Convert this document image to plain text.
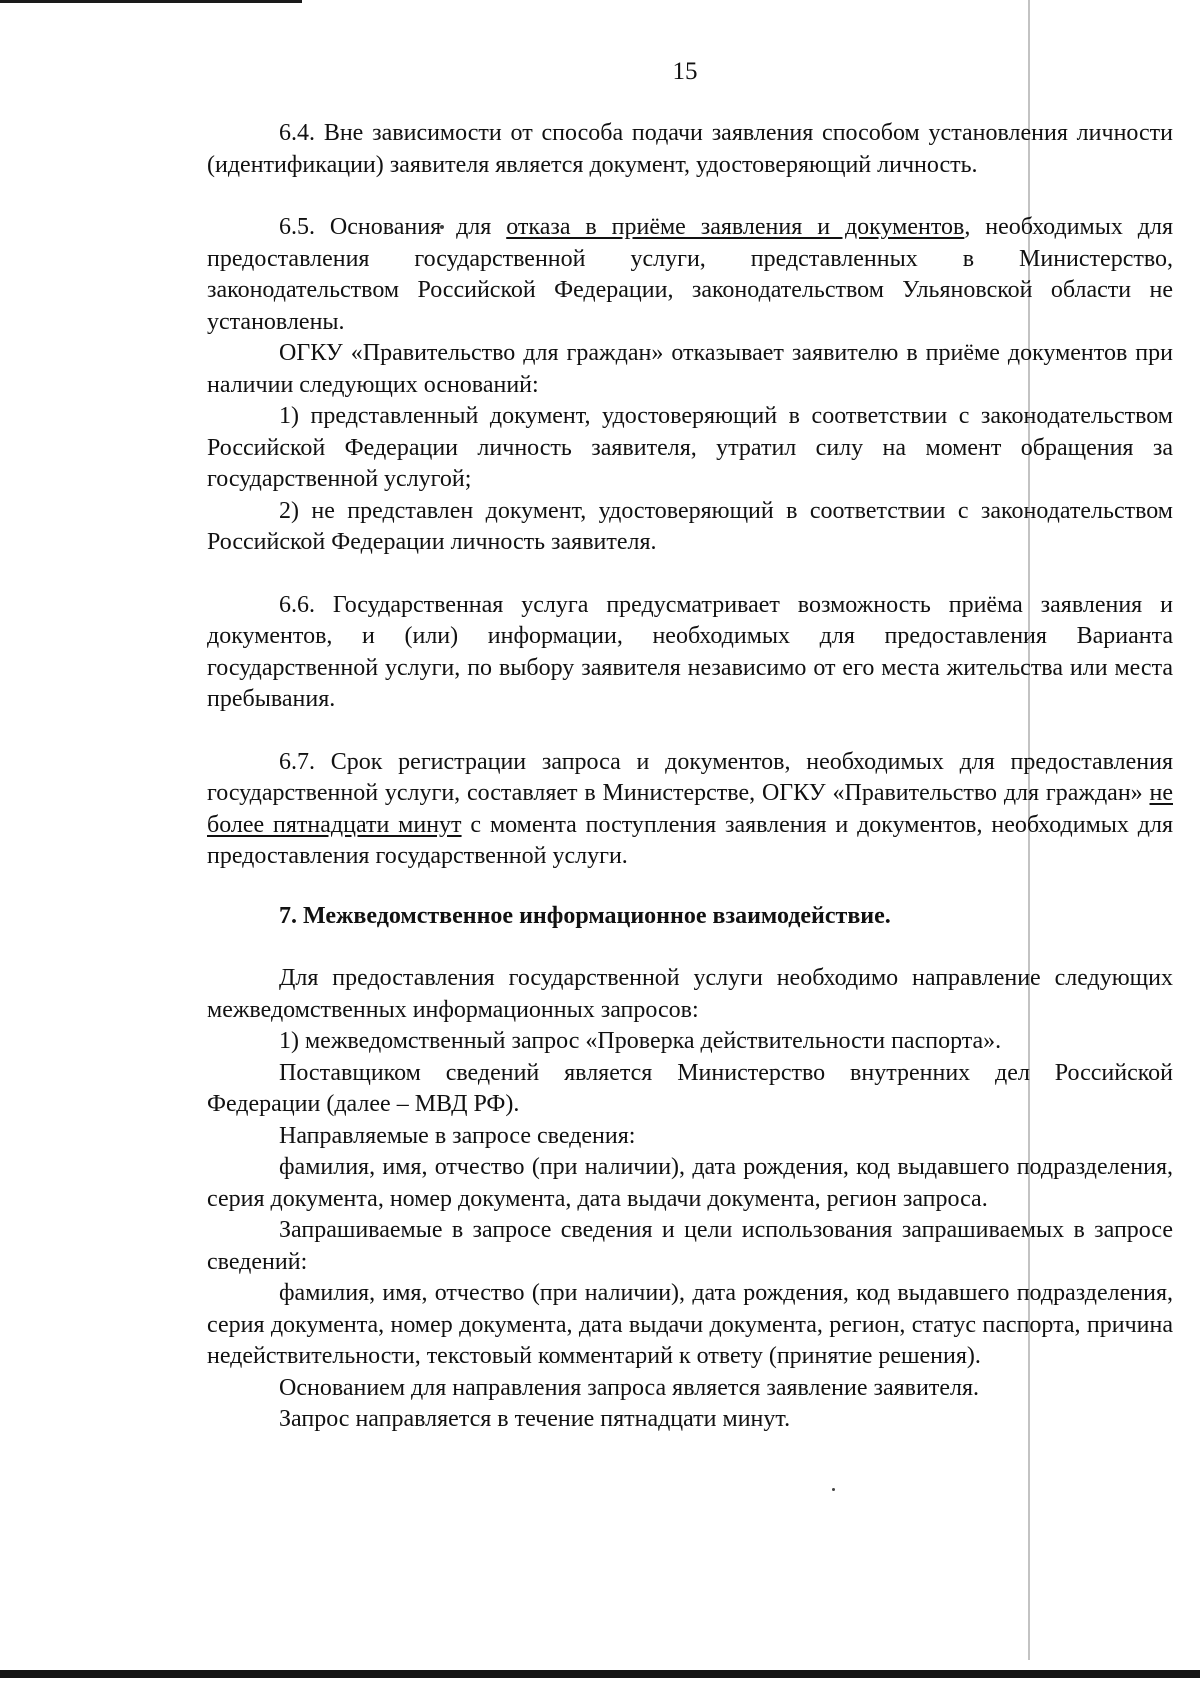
15

6.4. Вне зависимости от способа подачи заявления способом установления личности (идентификации) заявителя является документ, удостоверяющий личность.

6.5. Основания для отказа в приёме заявления и документов, необходимых для предоставления государственной услуги, представленных в Министерство, законодательством Российской Федерации, законодательством Ульяновской области не установлены.

ОГКУ «Правительство для граждан» отказывает заявителю в приёме документов при наличии следующих оснований:

1) представленный документ, удостоверяющий в соответствии с законодательством Российской Федерации личность заявителя, утратил силу на момент обращения за государственной услугой;

2) не представлен документ, удостоверяющий в соответствии с законодательством Российской Федерации личность заявителя.

6.6. Государственная услуга предусматривает возможность приёма заявления и документов, и (или) информации, необходимых для предоставления Варианта государственной услуги, по выбору заявителя независимо от его места жительства или места пребывания.

6.7. Срок регистрации запроса и документов, необходимых для предоставления государственной услуги, составляет в Министерстве, ОГКУ «Правительство для граждан» не более пятнадцати минут с момента поступления заявления и документов, необходимых для предоставления государственной услуги.

7. Межведомственное информационное взаимодействие.

Для предоставления государственной услуги необходимо направление следующих межведомственных информационных запросов:

1) межведомственный запрос «Проверка действительности паспорта».

Поставщиком сведений является Министерство внутренних дел Российской Федерации (далее – МВД РФ).

Направляемые в запросе сведения:

фамилия, имя, отчество (при наличии), дата рождения, код выдавшего подразделения, серия документа, номер документа, дата выдачи документа, регион запроса.

Запрашиваемые в запросе сведения и цели использования запрашиваемых в запросе сведений:

фамилия, имя, отчество (при наличии), дата рождения, код выдавшего подразделения, серия документа, номер документа, дата выдачи документа, регион, статус паспорта, причина недействительности, текстовый комментарий к ответу (принятие решения).

Основанием для направления запроса является заявление заявителя.

Запрос направляется в течение пятнадцати минут.
